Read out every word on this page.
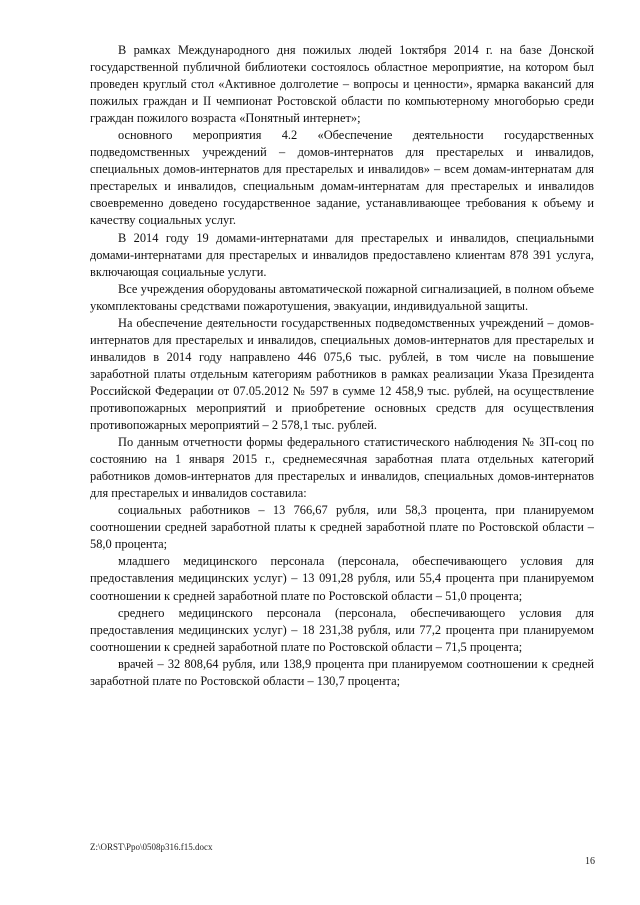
В рамках Международного дня пожилых людей 1октября 2014 г. на базе Донской государственной публичной библиотеки состоялось областное мероприятие, на котором был проведен круглый стол «Активное долголетие – вопросы и ценности», ярмарка вакансий для пожилых граждан и II чемпионат Ростовской области по компьютерному многоборью среди граждан пожилого возраста «Понятный интернет»;

основного мероприятия 4.2 «Обеспечение деятельности государственных подведомственных учреждений – домов-интернатов для престарелых и инвалидов, специальных домов-интернатов для престарелых и инвалидов» – всем домам-интернатам для престарелых и инвалидов, специальным домам-интернатам для престарелых и инвалидов своевременно доведено государственное задание, устанавливающее требования к объему и качеству социальных услуг.

В 2014 году 19 домами-интернатами для престарелых и инвалидов, специальными домами-интернатами для престарелых и инвалидов предоставлено клиентам 878 391 услуга, включающая социальные услуги.

Все учреждения оборудованы автоматической пожарной сигнализацией, в полном объеме укомплектованы средствами пожаротушения, эвакуации, индивидуальной защиты.

На обеспечение деятельности государственных подведомственных учреждений – домов-интернатов для престарелых и инвалидов, специальных домов-интернатов для престарелых и инвалидов в 2014 году направлено 446 075,6 тыс. рублей, в том числе на повышение заработной платы отдельным категориям работников в рамках реализации Указа Президента Российской Федерации от 07.05.2012 № 597 в сумме 12 458,9 тыс. рублей, на осуществление противопожарных мероприятий и приобретение основных средств для осуществления противопожарных мероприятий – 2 578,1 тыс. рублей.

По данным отчетности формы федерального статистического наблюдения № ЗП-соц по состоянию на 1 января 2015 г., среднемесячная заработная плата отдельных категорий работников домов-интернатов для престарелых и инвалидов, специальных домов-интернатов для престарелых и инвалидов составила:

социальных работников – 13 766,67 рубля, или 58,3 процента, при планируемом соотношении средней заработной платы к средней заработной плате по Ростовской области – 58,0 процента;

младшего медицинского персонала (персонала, обеспечивающего условия для предоставления медицинских услуг) – 13 091,28 рубля, или 55,4 процента при планируемом соотношении к средней заработной плате по Ростовской области – 51,0 процента;

среднего медицинского персонала (персонала, обеспечивающего условия для предоставления медицинских услуг) – 18 231,38 рубля, или 77,2 процента при планируемом соотношении к средней заработной плате по Ростовской области – 71,5 процента;

врачей – 32 808,64 рубля, или 138,9 процента при планируемом соотношении к средней заработной плате по Ростовской области – 130,7 процента;

Z:\ORST\Ppo\0508p316.f15.docx
16
